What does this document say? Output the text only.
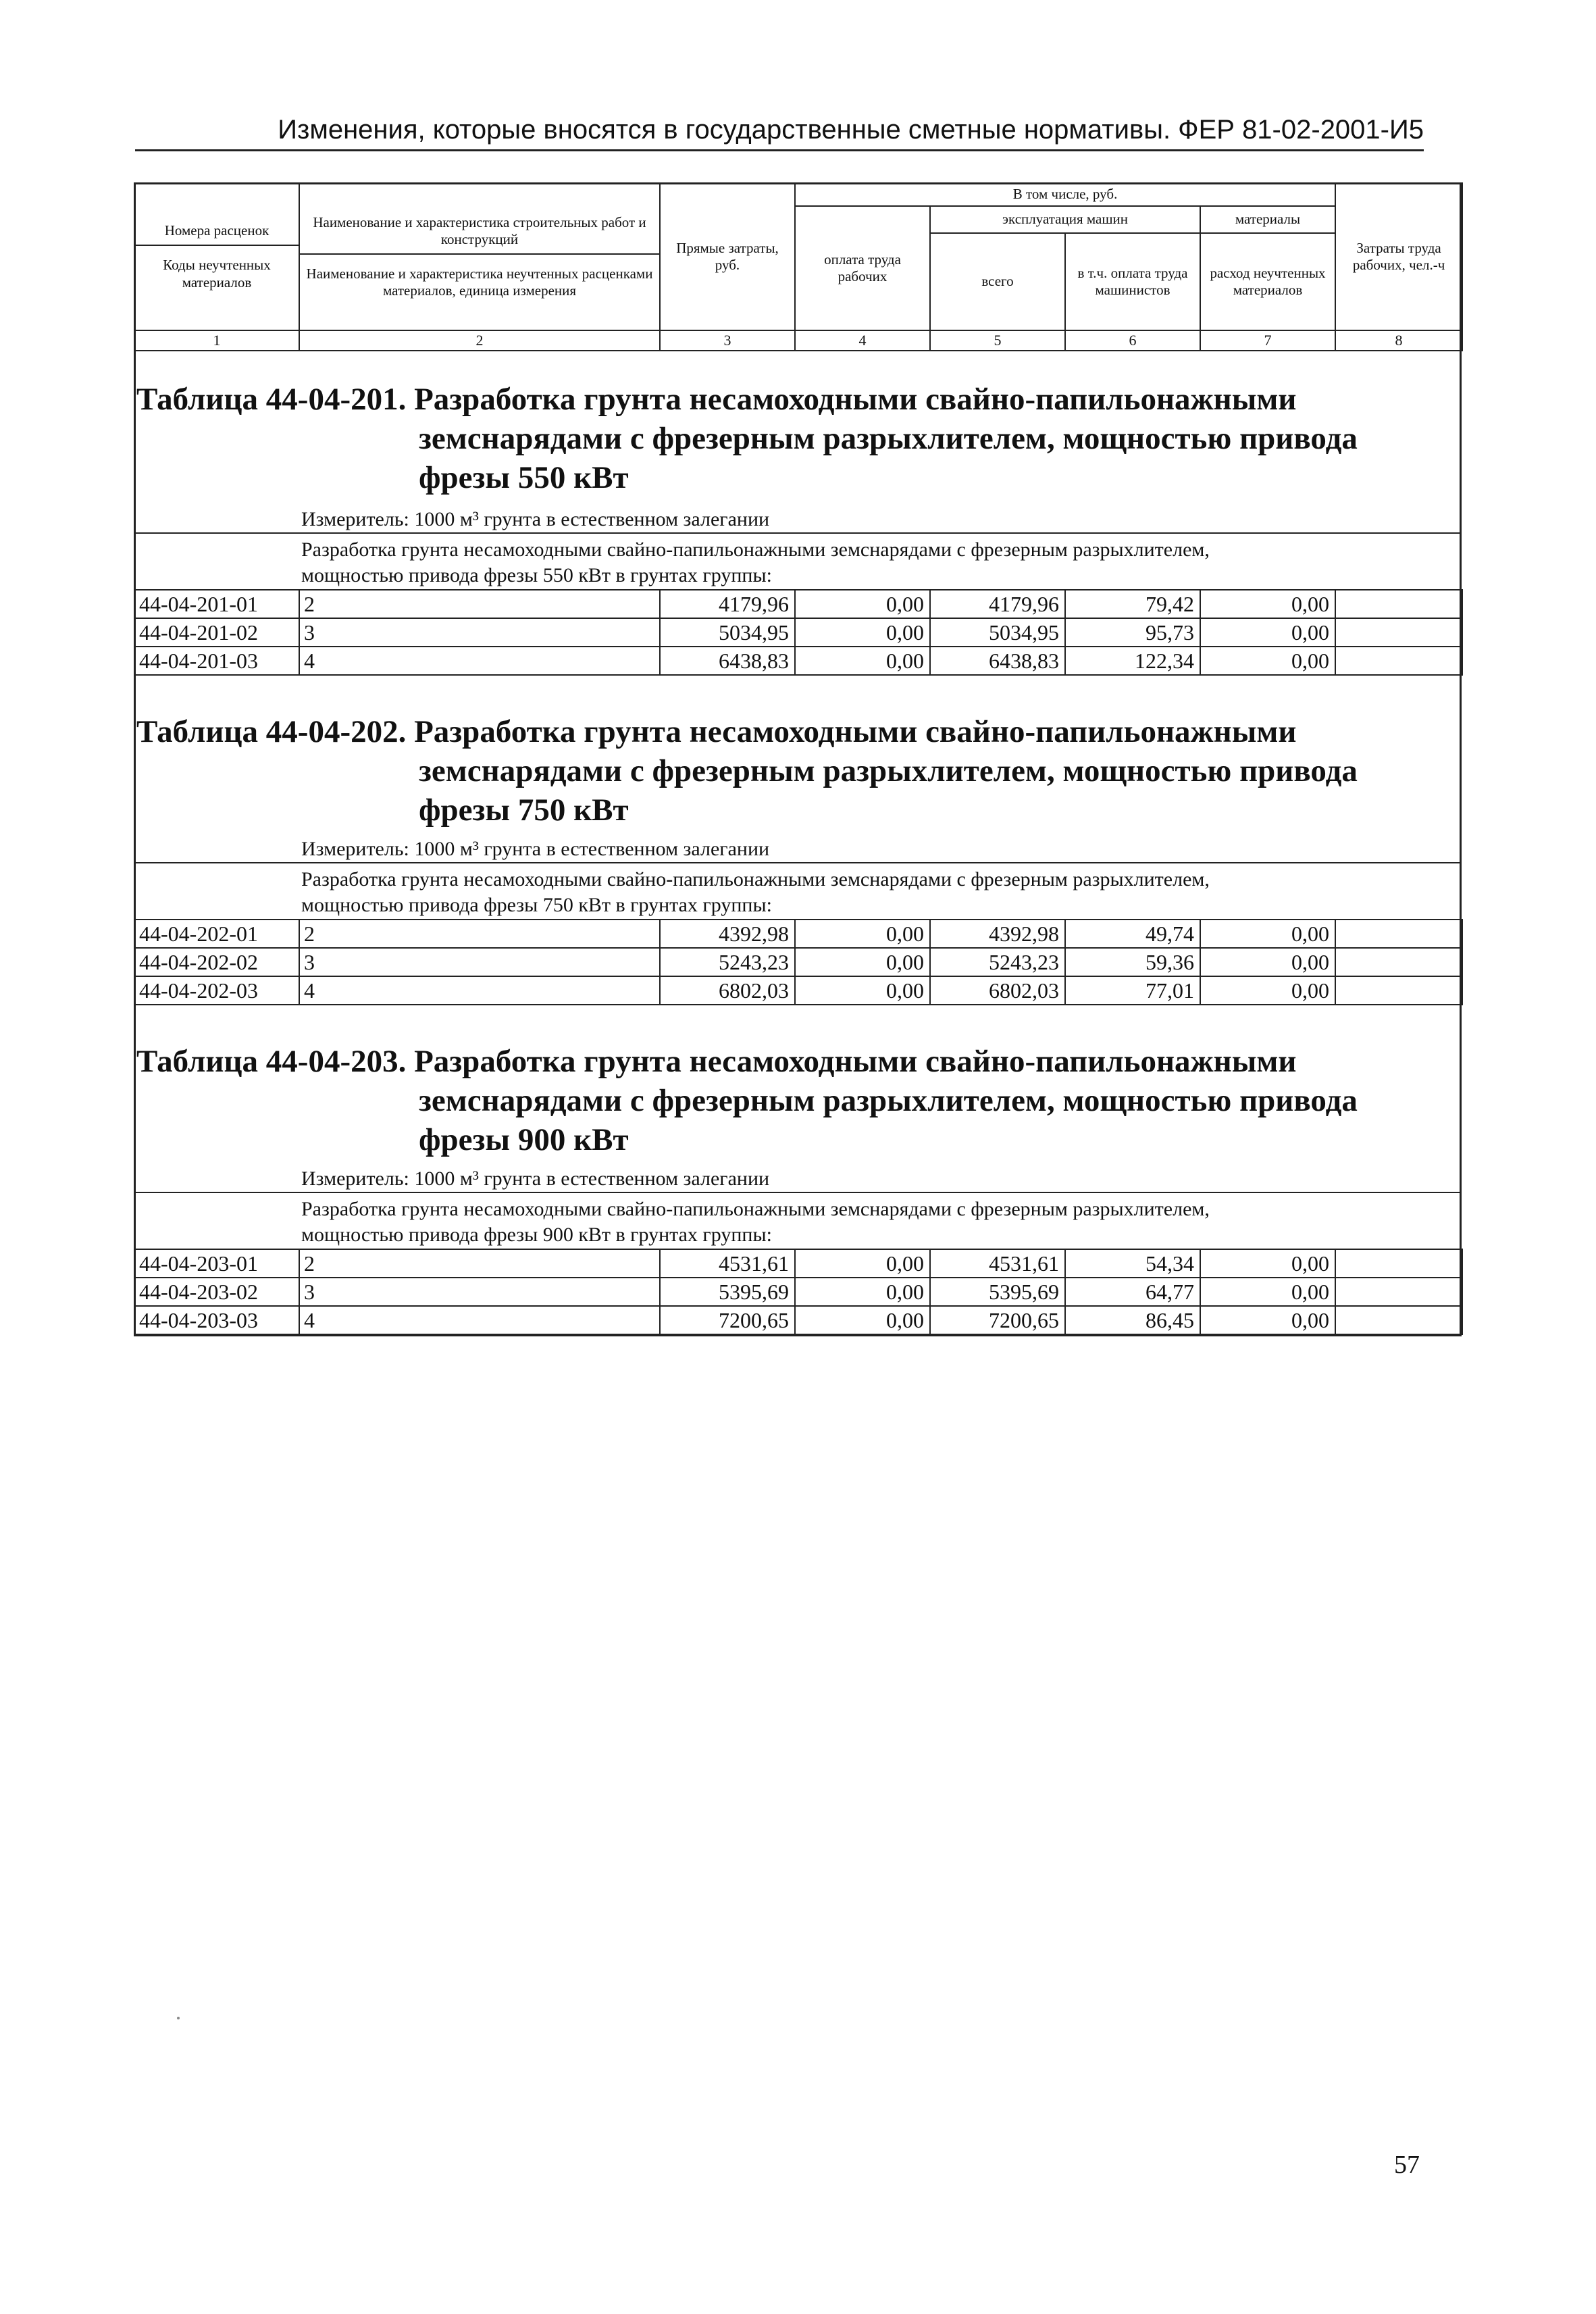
Изменения, которые вносятся в государственные сметные нормативы. ФЕР 81-02-2001-И5
Номера расценок
Коды неучтенных материалов	Наименование и характеристика строительных работ и конструкций
Наименование и характеристика неучтенных расценками материалов, единица измерения	Прямые затраты, руб.	В том числе, руб.				Затраты труда рабочих, чел.-ч
			оплата труда рабочих	эксплуатация машин		материалы	
				всего	в т.ч. оплата труда машинистов	расход неучтенных материалов	
1	2	3	4	5	6	7	8
Таблица 44-04-201. Разработка грунта несамоходными свайно-папильонажными
земснарядами с фрезерным разрыхлителем, мощностью привода
фрезы 550 кВт
Измеритель: 1000 м³ грунта в естественном залегании
Разработка грунта несамоходными свайно-папильонажными земснарядами с фрезерным разрыхлителем,
мощностью привода фрезы 550 кВт в грунтах группы:
44-04-201-01	2	4179,96	0,00	4179,96	79,42	0,00	
44-04-201-02	3	5034,95	0,00	5034,95	95,73	0,00	
44-04-201-03	4	6438,83	0,00	6438,83	122,34	0,00	
Таблица 44-04-202. Разработка грунта несамоходными свайно-папильонажными
земснарядами с фрезерным разрыхлителем, мощностью привода
фрезы 750 кВт
Измеритель: 1000 м³ грунта в естественном залегании
Разработка грунта несамоходными свайно-папильонажными земснарядами с фрезерным разрыхлителем,
мощностью привода фрезы 750 кВт в грунтах группы:
44-04-202-01	2	4392,98	0,00	4392,98	49,74	0,00	
44-04-202-02	3	5243,23	0,00	5243,23	59,36	0,00	
44-04-202-03	4	6802,03	0,00	6802,03	77,01	0,00	
Таблица 44-04-203. Разработка грунта несамоходными свайно-папильонажными
земснарядами с фрезерным разрыхлителем, мощностью привода
фрезы 900 кВт
Измеритель: 1000 м³ грунта в естественном залегании
Разработка грунта несамоходными свайно-папильонажными земснарядами с фрезерным разрыхлителем,
мощностью привода фрезы 900 кВт в грунтах группы:
44-04-203-01	2	4531,61	0,00	4531,61	54,34	0,00	
44-04-203-02	3	5395,69	0,00	5395,69	64,77	0,00	
44-04-203-03	4	7200,65	0,00	7200,65	86,45	0,00	
57
